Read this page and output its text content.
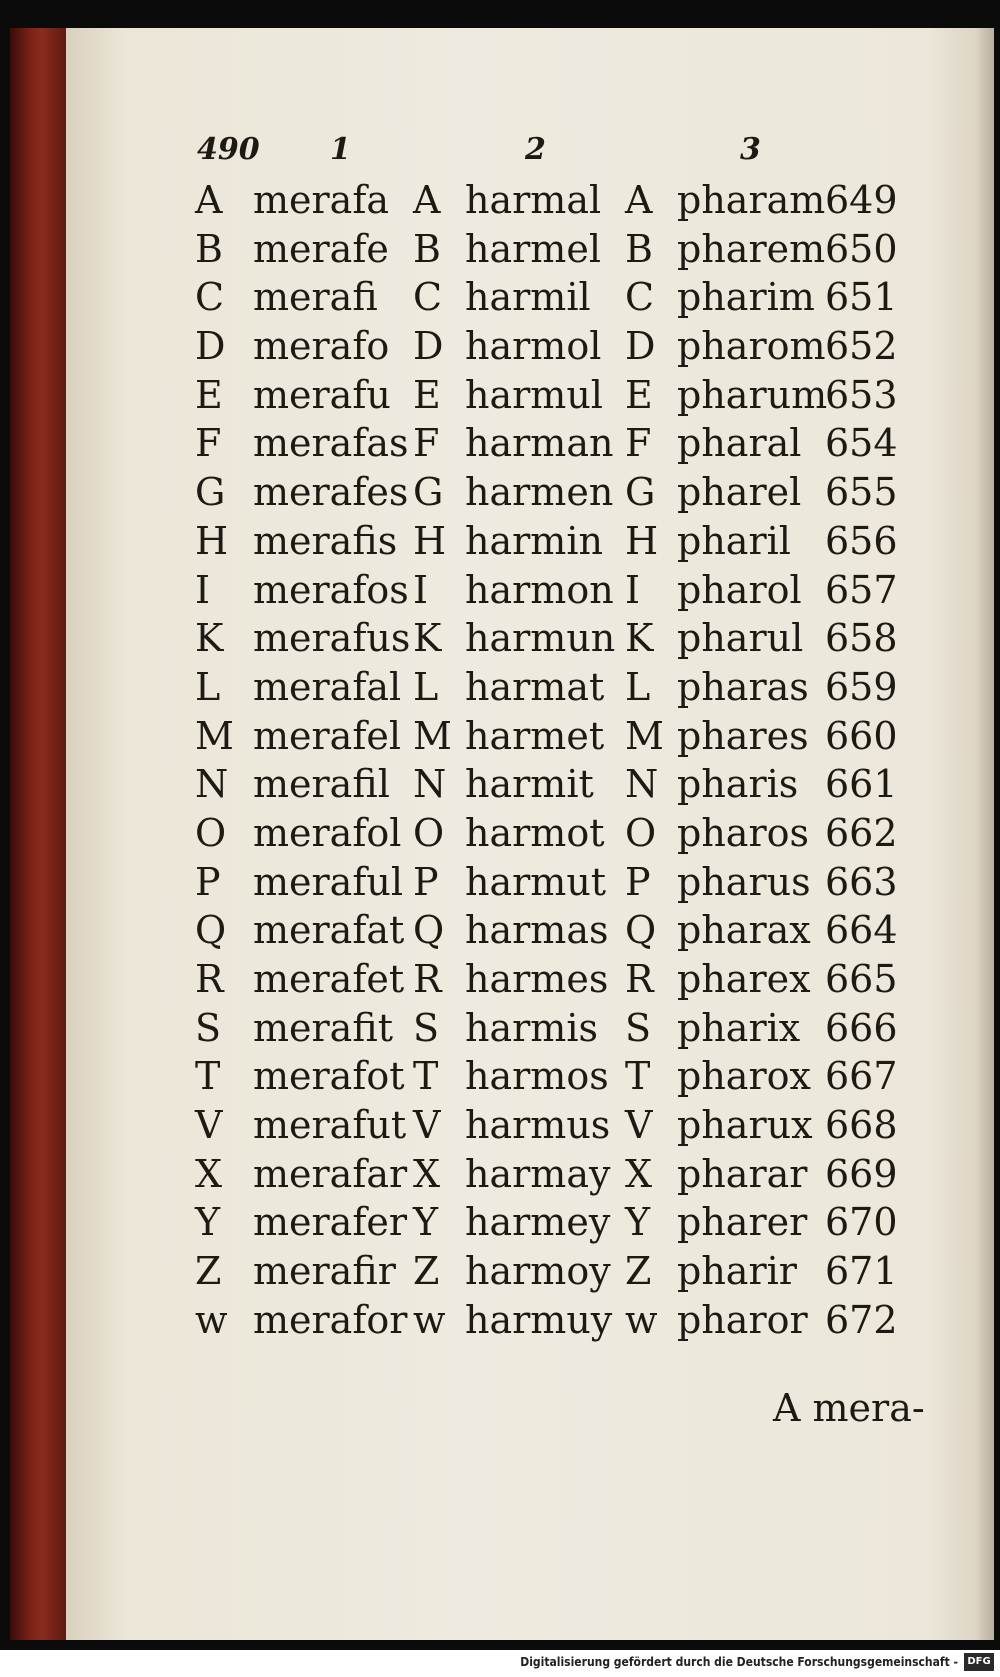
490 1	2	3
A merafa A harmal A pharam 649
B merafe B harmel B pharem 650
C merafi C harmil C pharim 651
D merafo D harmol D pharom 652
E merafu E harmul E pharum
653
F merafas F harman F pharal 654
G merafes G harmen G pharel 655
H merafis H harmin H pharil 656
I merafos I harmon I pharol 657
K merafus K harmun K pharul 658
L merafal L harmat L pharas 659
M merafel M harmet M phares 660
N merafil N harmit N pharis 661
O merafol O harmot O pharos 662
P meraful P harmut P pharus 663
Q merafat Q harmas Q pharax 664
R merafet R harmes R pharex 665
S merafit S harmis S pharix 666
T merafot T harmos T pharox 667
V merafut V harmus V pharux 668
X merafar X harmay X pharar 669
Y merafer Y harmey Y pharer 670
Z merafir Z harmoy Z pharir 671
w merafor w harmuy w pharor 672
A mera-
Digitalisierung gefördert durch die Deutsche Forschungsgemeinschaft - DFG
